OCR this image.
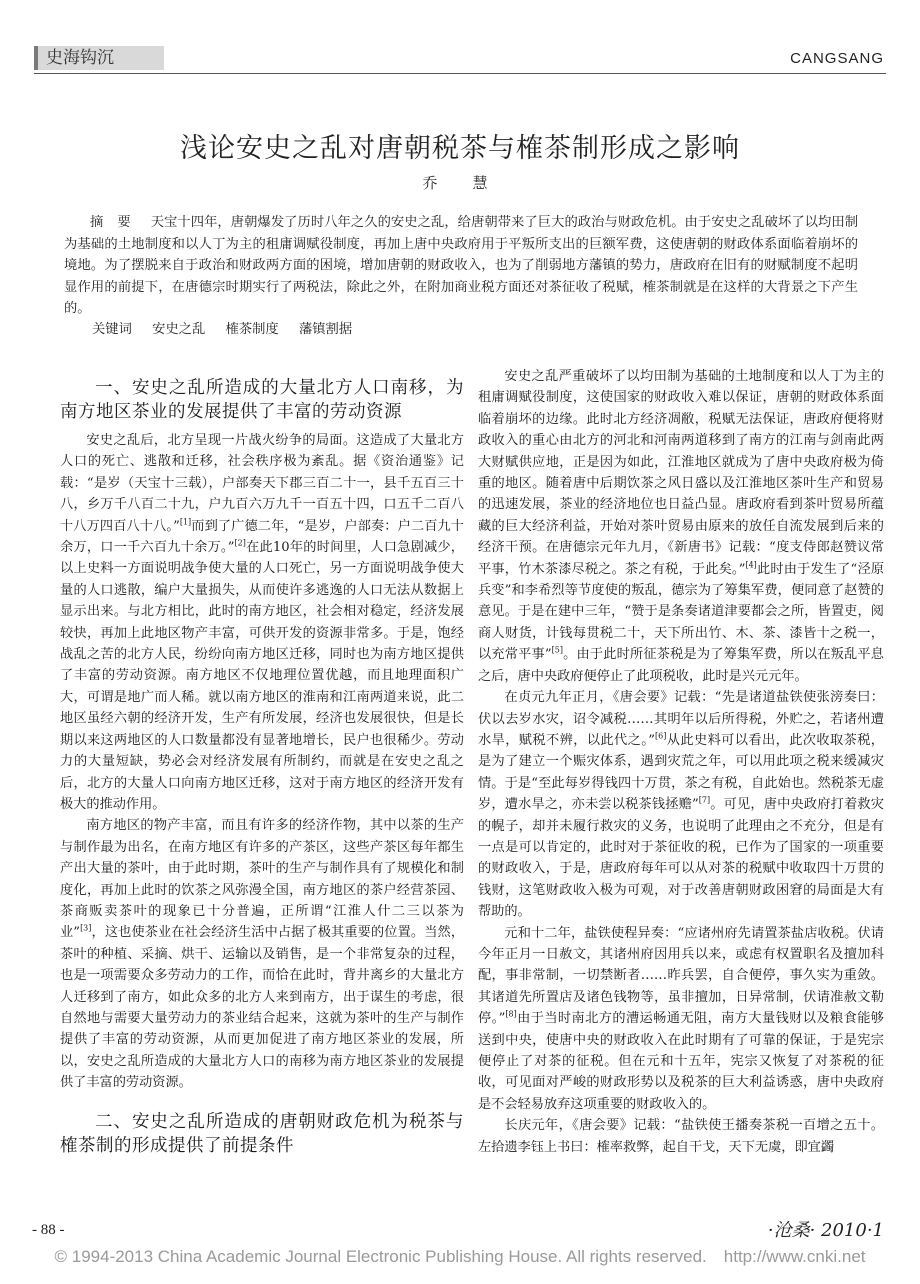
史海钩沉	CANGSANG
浅论安史之乱对唐朝税茶与榷茶制形成之影响
乔　慧
摘要 天宝十四年，唐朝爆发了历时八年之久的安史之乱，给唐朝带来了巨大的政治与财政危机。由于安史之乱破坏了以均田制为基础的土地制度和以人丁为主的租庸调赋役制度，再加上唐中央政府用于平叛所支出的巨额军费，这使唐朝的财政体系面临着崩坏的境地。为了摆脱来自于政治和财政两方面的困境，增加唐朝的财政收入，也为了削弱地方藩镇的势力，唐政府在旧有的财赋制度不起明显作用的前提下，在唐德宗时期实行了两税法，除此之外，在附加商业税方面还对茶征收了税赋，榷茶制就是在这样的大背景之下产生的。
关键词 安史之乱 榷茶制度 藩镇割据
一、安史之乱所造成的大量北方人口南移，为南方地区茶业的发展提供了丰富的劳动资源

安史之乱后，北方呈现一片战火纷争的局面。这造成了大量北方人口的死亡、逃散和迁移，社会秩序极为紊乱。据《资治通鉴》记载：“是岁（天宝十三载），户部奏天下郡三百二十一，县千五百三十八，乡万千八百二十九，户九百六万九千一百五十四，口五千二百八十八万四百八十八。”[1]而到了广德二年，“是岁，户部奏：户二百九十余万，口一千六百九十余万。”[2]在此10年的时间里，人口急剧减少，以上史料一方面说明战争使大量的人口死亡，另一方面说明战争使大量的人口逃散，编户大量损失，从而使许多逃逸的人口无法从数据上显示出来。与北方相比，此时的南方地区，社会相对稳定，经济发展较快，再加上此地区物产丰富，可供开发的资源非常多。于是，饱经战乱之苦的北方人民，纷纷向南方地区迁移，同时也为南方地区提供了丰富的劳动资源。南方地区不仅地理位置优越，而且地理面积广大，可谓是地广而人稀。就以南方地区的淮南和江南两道来说，此二地区虽经六朝的经济开发，生产有所发展，经济也发展很快，但是长期以来这两地区的人口数量都没有显著地增长，民户也很稀少。劳动力的大量短缺，势必会对经济发展有所制约，而就是在安史之乱之后，北方的大量人口向南方地区迁移，这对于南方地区的经济开发有极大的推动作用。

南方地区的物产丰富，而且有许多的经济作物，其中以茶的生产与制作最为出名，在南方地区有许多的产茶区，这些产茶区每年都生产出大量的茶叶，由于此时期，茶叶的生产与制作具有了规模化和制度化，再加上此时的饮茶之风弥漫全国，南方地区的茶户经营茶园、茶商贩卖茶叶的现象已十分普遍，正所谓“江淮人什二三以茶为业”[3]，这也使茶业在社会经济生活中占据了极其重要的位置。当然，茶叶的种植、采摘、烘干、运输以及销售，是一个非常复杂的过程，也是一项需要众多劳动力的工作，而恰在此时，背井离乡的大量北方人迁移到了南方，如此众多的北方人来到南方，出于谋生的考虑，很自然地与需要大量劳动力的茶业结合起来，这就为茶叶的生产与制作提供了丰富的劳动资源，从而更加促进了南方地区茶业的发展，所以，安史之乱所造成的大量北方人口的南移为南方地区茶业的发展提供了丰富的劳动资源。

二、安史之乱所造成的唐朝财政危机为税茶与榷茶制的形成提供了前提条件

安史之乱严重破坏了以均田制为基础的土地制度和以人丁为主的租庸调赋役制度，这使国家的财政收入难以保证，唐朝的财政体系面临着崩坏的边缘。此时北方经济凋敝，税赋无法保证，唐政府便将财政收入的重心由北方的河北和河南两道移到了南方的江南与剑南此两大财赋供应地，正是因为如此，江淮地区就成为了唐中央政府极为倚重的地区。随着唐中后期饮茶之风日盛以及江淮地区茶叶生产和贸易的迅速发展，茶业的经济地位也日益凸显。唐政府看到茶叶贸易所蕴藏的巨大经济利益，开始对茶叶贸易由原来的放任自流发展到后来的经济干预。在唐德宗元年九月，《新唐书》记载：“度支侍郎赵赞议常平事，竹木茶漆尽税之。茶之有税，于此矣。”[4]此时由于发生了“泾原兵变”和李希烈等节度使的叛乱，德宗为了筹集军费，便同意了赵赞的意见。于是在建中三年，“赞于是条奏诸道津要都会之所，皆置吏，阅商人财货，计钱每贯税二十，天下所出竹、木、茶、漆皆十之税一，以充常平事”[5]。由于此时所征茶税是为了筹集军费，所以在叛乱平息之后，唐中央政府便停止了此项税收，此时是兴元元年。

在贞元九年正月，《唐会要》记载：“先是诸道盐铁使张滂奏曰：伏以去岁水灾，诏令减税……其明年以后所得税，外贮之，若诸州遭水旱，赋税不辨，以此代之。”[6]从此史料可以看出，此次收取茶税，是为了建立一个赈灾体系，遇到灾荒之年，可以用此项之税来缓减灾情。于是“至此每岁得钱四十万贯，茶之有税，自此始也。然税茶无虚岁，遭水旱之，亦未尝以税茶钱拯赡”[7]。可见，唐中央政府打着救灾的幌子，却并未履行救灾的义务，也说明了此理由之不充分，但是有一点是可以肯定的，此时对于茶征收的税，已作为了国家的一项重要的财政收入，于是，唐政府每年可以从对茶的税赋中收取四十万贯的钱财，这笔财政收入极为可观，对于改善唐朝财政困窘的局面是大有帮助的。

元和十二年，盐铁使程异奏：“应诸州府先请置茶盐店收税。伏请今年正月一日赦文，其诸州府因用兵以来，或虑有权置职名及擅加科配，事非常制，一切禁断者……昨兵罢，自合便停，事久实为重敛。其诸道先所置店及诸色钱物等，虽非擅加，日异常制，伏请准赦文勒停。”[8]由于当时南北方的漕运畅通无阻，南方大量钱财以及粮食能够送到中央，使唐中央的财政收入在此时期有了可靠的保证，于是宪宗便停止了对茶的征税。但在元和十五年，宪宗又恢复了对茶税的征收，可见面对严峻的财政形势以及税茶的巨大利益诱惑，唐中央政府是不会轻易放弃这项重要的财政收入的。

长庆元年，《唐会要》记载：“盐铁使王播奏茶税一百增之五十。左拾遗李钰上书曰：榷率救弊，起自干戈，天下无虞，即宜蠲

- 88 -	·沧桑· 2010·1
© 1994-2013 China Academic Journal Electronic Publishing House. All rights reserved.　http://www.cnki.net
